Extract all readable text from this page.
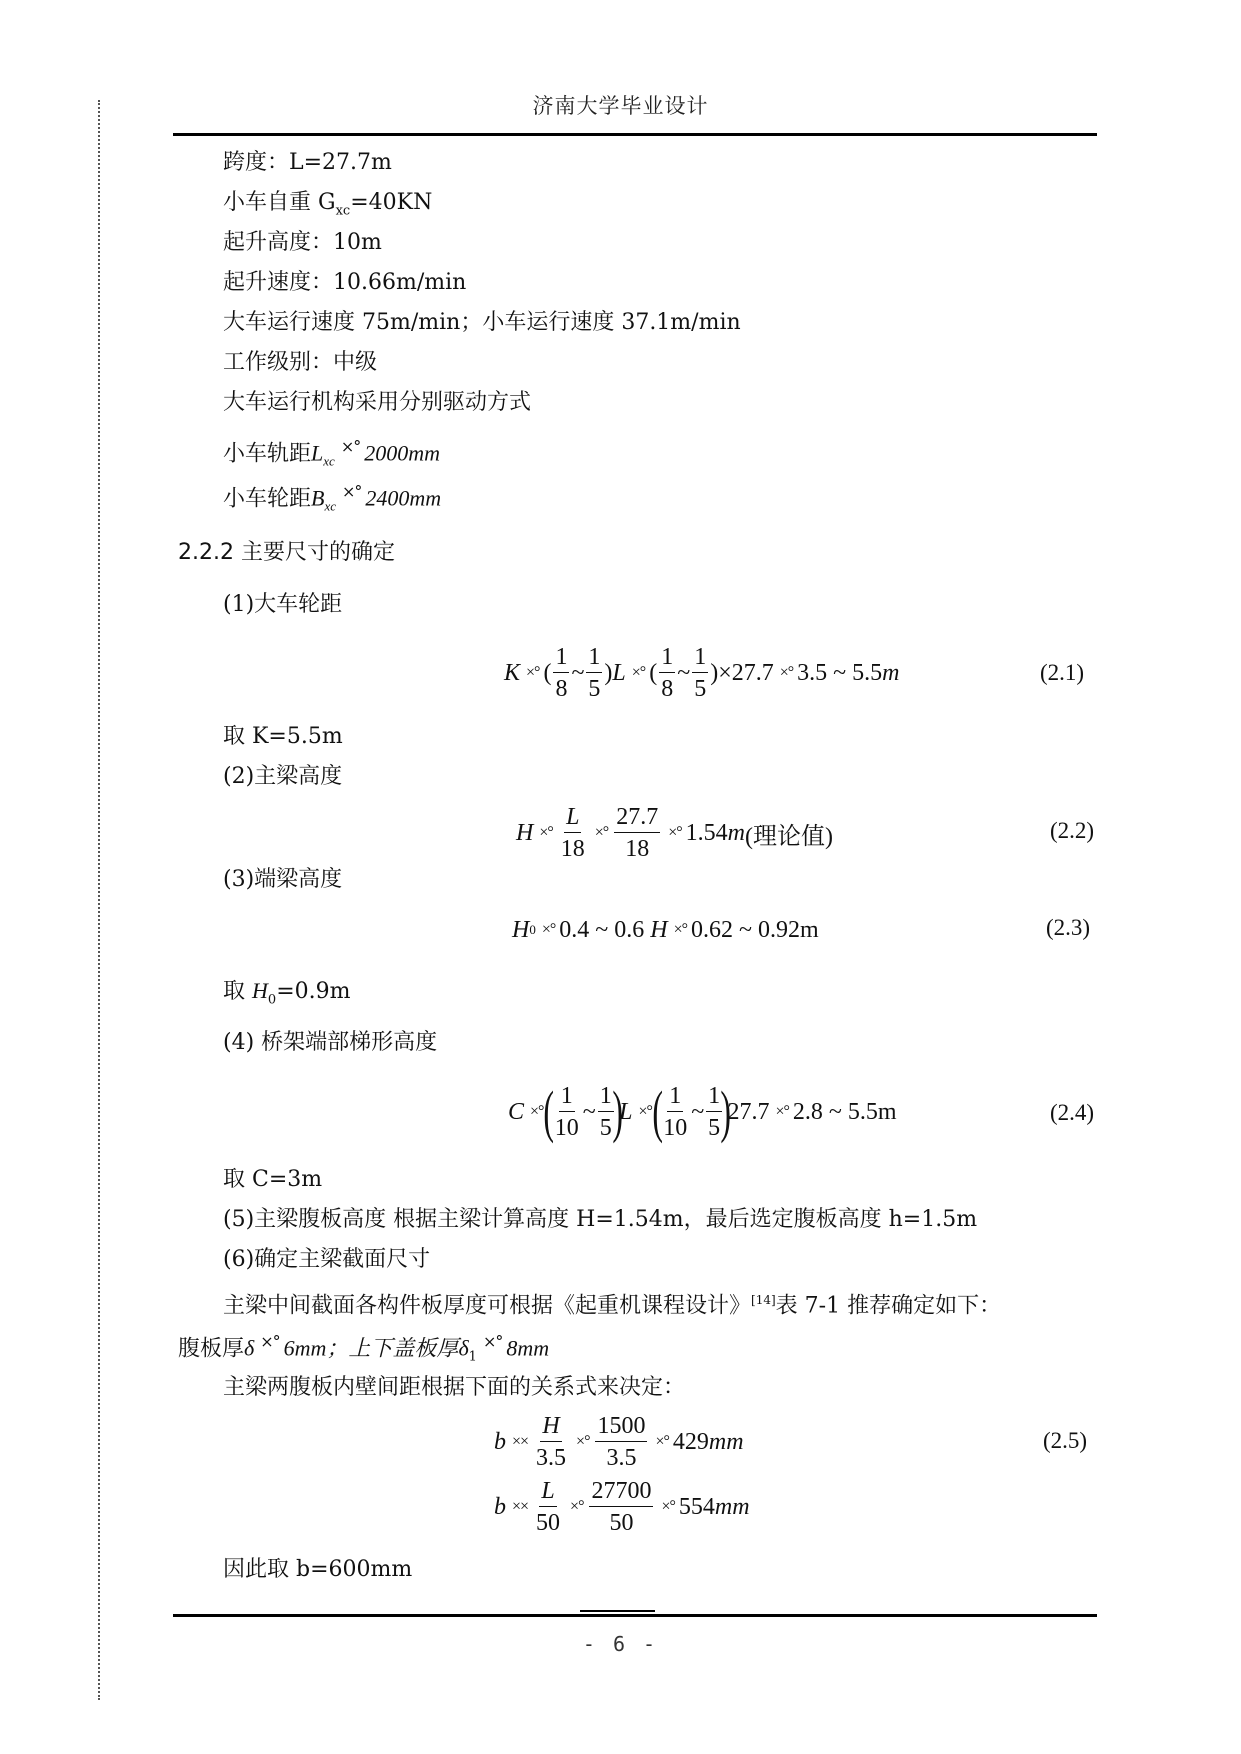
济南大学毕业设计
跨度：L=27.7m
小车自重 $G_{xc}=40KN$
起升高度：10m
起升速度：10.66m/min
大车运行速度 75m/min；小车运行速度 37.1m/min
工作级别：中级
大车运行机构采用分别驱动方式
小车轨距$L_{xc}^{\times^\circ}$ 2000mm
小车轮距$B_{xc}^{\times^\circ}$ 2400mm
2.2.2 主要尺寸的确定
(1)大车轮距
K ×° ( $\frac{1}{8}$ ~ $\frac{1}{5}$ ) L ×° ( $\frac{1}{8}$ ~ $\frac{1}{5}$ ) ×27.7 ×° 3.5 ~ 5.5 m	(2.1)
取 K=5.5m
(2)主梁高度
H ×° $\frac{L}{18}$ ×° $\frac{27.7}{18}$ ×° 1.54 m (理论值)	(2.2)
(3)端梁高度
H 0 ×° 0.4 ~ 0.6
H ×° 0.62 ~ 0.92m	(2.3)
取 $H_0=0.9m$
(4) 桥架端部梯形高度
C ×° (
$\frac{1}{10}$ ~ $\frac{1}{5}$
)
L ×° (
$\frac{1}{10}$ ~ $\frac{1}{5}$
)
27.7 ×° 2.8 ~ 5.5m	(2.4)
取 C=3m
(5)主梁腹板高度 根据主梁计算高度 H=1.54m，最后选定腹板高度 h=1.5m
(6)确定主梁截面尺寸
主梁中间截面各构件板厚度可根据《起重机课程设计》[14]表 7-1 推荐确定如下：
腹板厚δ ×° 6mm；上下盖板厚$\delta_1^{\times^\circ}$ 8mm
主梁两腹板内壁间距根据下面的关系式来决定：
$b \times\times \frac{H}{3.5}$ ×° $\frac{1500}{3.5}$ ×° 429 mm	(2.5)
$b \times\times \frac{L}{50}$ ×° $\frac{27700}{50}$ ×° 554 mm
因此取 b=600mm
- 6 -
